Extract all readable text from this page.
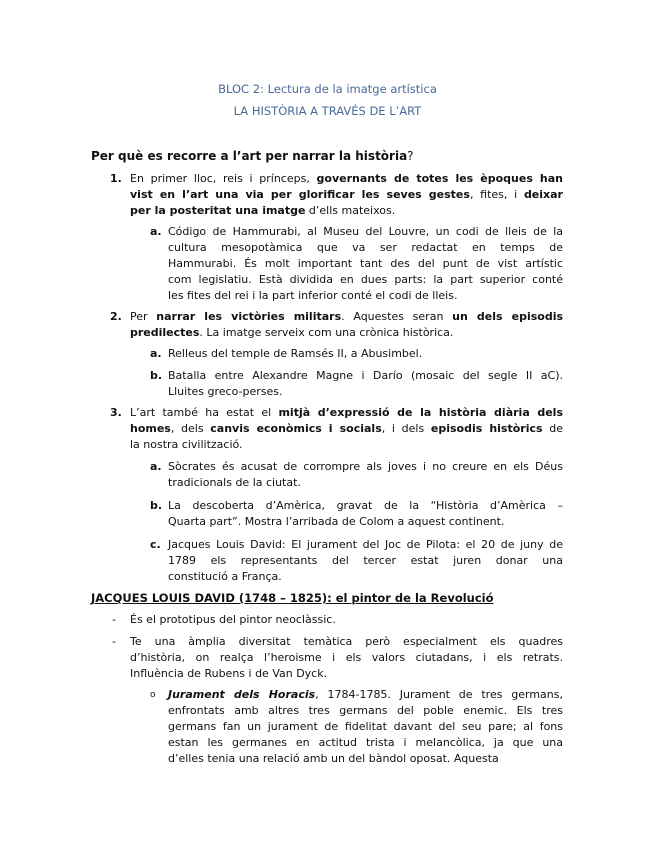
BLOC 2: Lectura de la imatge artística
LA HISTÒRIA A TRAVÉS DE L’ART
Per què es recorre a l’art per narrar la història?
JACQUES LOUIS DAVID (1748 – 1825): el pintor de la Revolució
1. En primer lloc, reis i prínceps, governants de totes les èpoques han
vist en l’art una via per glorificar les seves gestes, fites, i deixar
per la posteritat una imatge d’ells mateixos.
a. Código de Hammurabi, al Museu del Louvre, un codi de lleis de la
cultura mesopotàmica que va ser redactat en temps de
Hammurabi. És molt important tant des del punt de vist artístic
com legislatiu. Està dividida en dues parts: la part superior conté
les fites del rei i la part inferior conté el codi de lleis.
2. Per narrar les victòries militars. Aquestes seran un dels episodis
predilectes. La imatge serveix com una crònica històrica.
a. Relleus del temple de Ramsés II, a Abusimbel.
b. Batalla entre Alexandre Magne i Darío (mosaic del segle II aC).
Lluites greco-perses.
3. L’art també ha estat el mitjà d’expressió de la història diària dels
homes, dels canvis econòmics i socials, i dels episodis històrics de
la nostra civilització.
a. Sòcrates és acusat de corrompre als joves i no creure en els Déus
tradicionals de la ciutat.
b. La descoberta d’Amèrica, gravat de la “Història d’Amèrica –
Quarta part”. Mostra l’arribada de Colom a aquest continent.
c. Jacques Louis David: El jurament del Joc de Pilota: el 20 de juny de
1789 els representants del tercer estat juren donar una
constitució a França.
- És el prototipus del pintor neoclàssic.
- Te una àmplia diversitat temàtica però especialment els quadres
d’història, on realça l’heroisme i els valors ciutadans, i els retrats.
Influència de Rubens i de Van Dyck.
o Jurament dels Horacis, 1784-1785. Jurament de tres germans,
enfrontats amb altres tres germans del poble enemic. Els tres
germans fan un jurament de fidelitat davant del seu pare; al fons
estan les germanes en actitud trista i melancòlica, ja que una
d’elles tenia una relació amb un del bàndol oposat. Aquesta
